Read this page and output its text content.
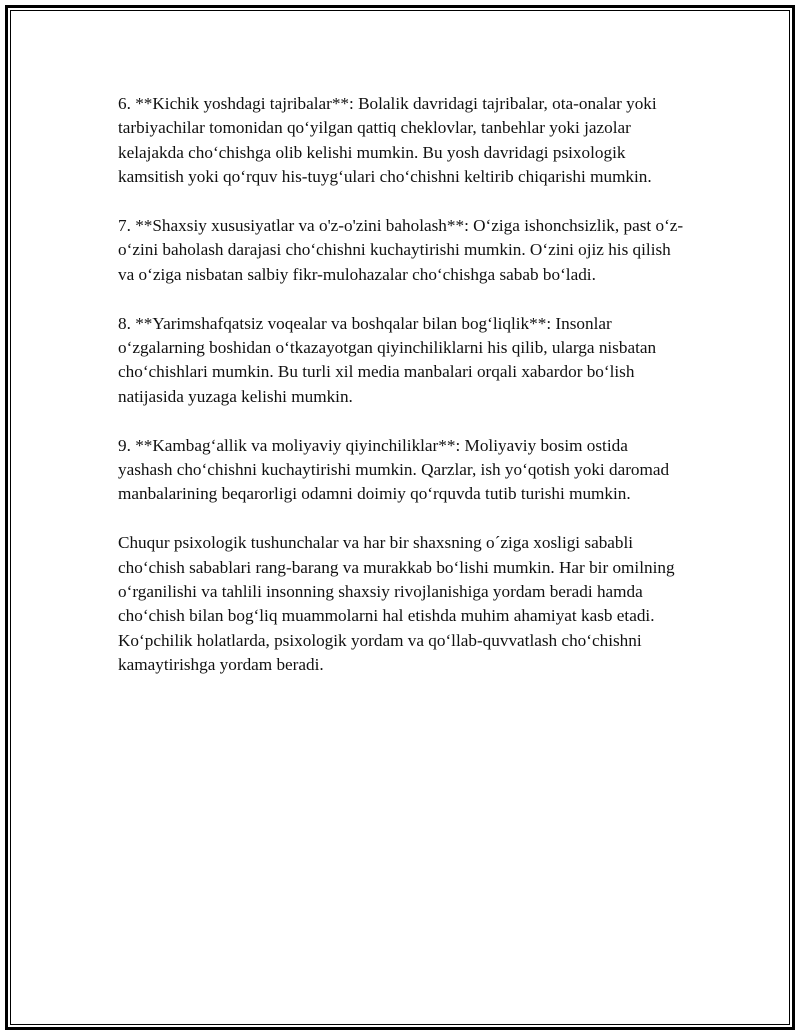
6. **Kichik yoshdagi tajribalar**: Bolalik davridagi tajribalar, ota-onalar yoki tarbiyachilar tomonidan qo‘yilgan qattiq cheklovlar, tanbehlar yoki jazolar kelajakda cho‘chishga olib kelishi mumkin. Bu yosh davridagi psixologik kamsitish yoki qo‘rquv his-tuyg‘ulari cho‘chishni keltirib chiqarishi mumkin.

7. **Shaxsiy xususiyatlar va o'z-o'zini baholash**: O‘ziga ishonchsizlik, past o‘z-o‘zini baholash darajasi cho‘chishni kuchaytirishi mumkin. O‘zini ojiz his qilish va o‘ziga nisbatan salbiy fikr-mulohazalar cho‘chishga sabab bo‘ladi.

8. **Yarimshafqatsiz voqealar va boshqalar bilan bog‘liqlik**: Insonlar o‘zgalarning boshidan o‘tkazayotgan qiyinchiliklarni his qilib, ularga nisbatan cho‘chishlari mumkin. Bu turli xil media manbalari orqali xabardor bo‘lish natijasida yuzaga kelishi mumkin.

9. **Kambag‘allik va moliyaviy qiyinchiliklar**: Moliyaviy bosim ostida yashash cho‘chishni kuchaytirishi mumkin. Qarzlar, ish yo‘qotish yoki daromad manbalarining beqarorligi odamni doimiy qo‘rquvda tutib turishi mumkin.

Chuqur psixologik tushunchalar va har bir shaxsning o´ziga xosligi sababli cho‘chish sabablari rang-barang va murakkab bo‘lishi mumkin. Har bir omilning o‘rganilishi va tahlili insonning shaxsiy rivojlanishiga yordam beradi hamda cho‘chish bilan bog‘liq muammolarni hal etishda muhim ahamiyat kasb etadi. Ko‘pchilik holatlarda, psixologik yordam va qo‘llab-quvvatlash cho‘chishni kamaytirishga yordam beradi.
